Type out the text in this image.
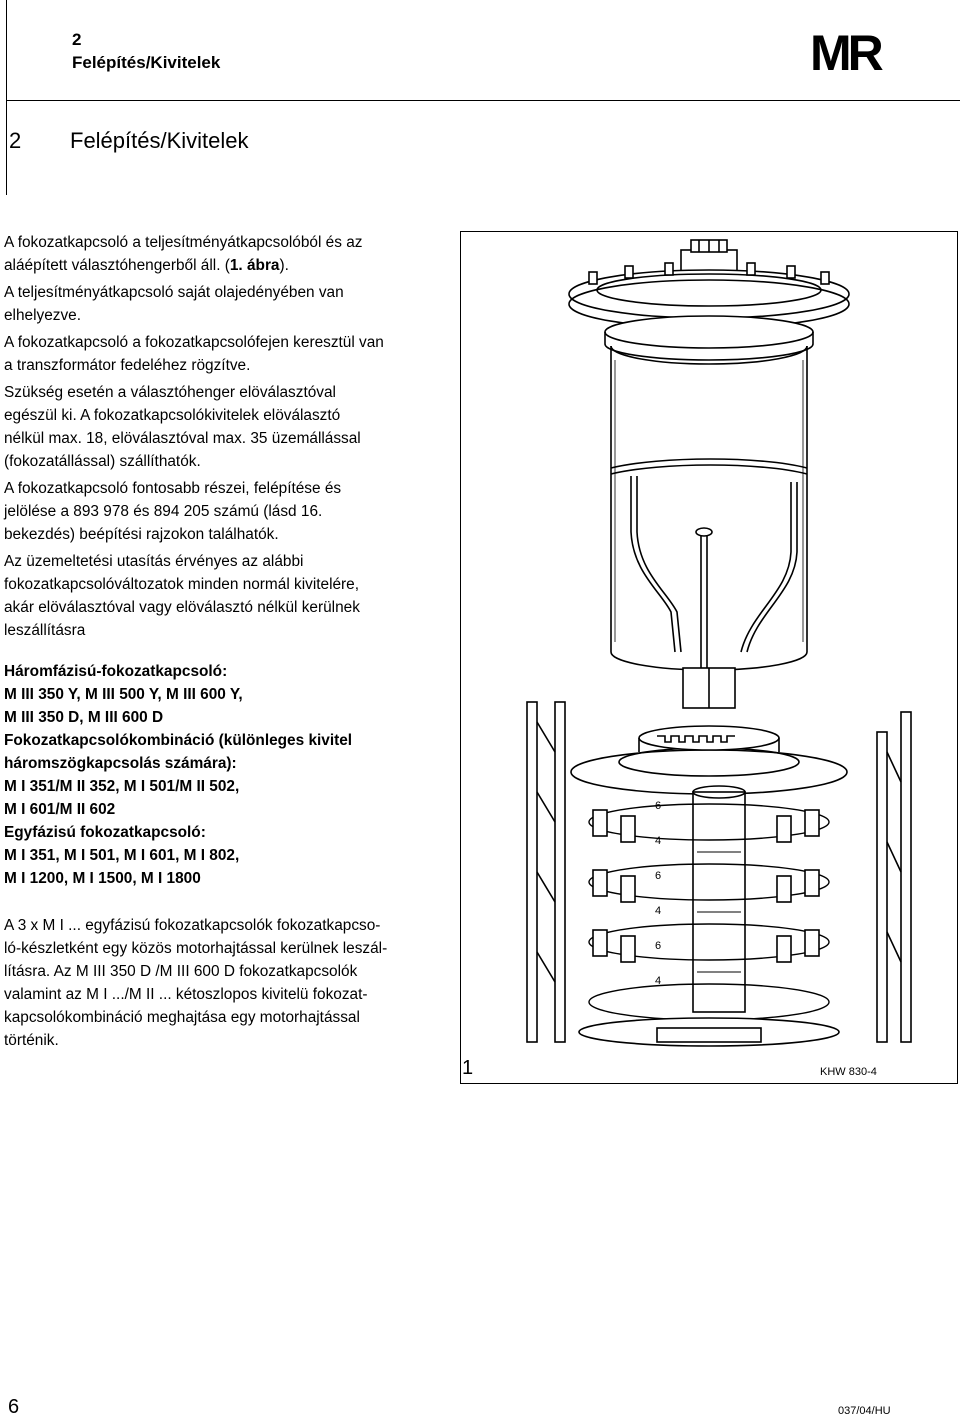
2
Felépítés/Kivitelek	MR
2 Felépítés/Kivitelek

A fokozatkapcsoló a teljesítményátkapcsolóból és az

aláépített választóhengerből áll. (1. ábra).

A teljesítményátkapcsoló saját olajedényében van

elhelyezve.

A fokozatkapcsoló a fokozatkapcsolófejen keresztül van

a transzformátor fedeléhez rögzítve.

Szükség esetén a választóhenger elöválasztóval

egészül ki. A fokozatkapcsolókivitelek elöválasztó

nélkül max. 18, elöválasztóval max. 35 üzemállással

(fokozatállással) szállíthatók.

A fokozatkapcsoló fontosabb részei, felépítése és

jelölése a 893 978 és 894 205 számú (lásd 16.

bekezdés) beépítési rajzokon találhatók.

Az üzemeltetési utasítás érvényes az alábbi

fokozatkapcsolóváltozatok minden normál kivitelére,

akár elöválasztóval vagy elöválasztó nélkül kerülnek

leszállításra

Háromfázisú-fokozatkapcsoló:

M III 350 Y, M III 500 Y, M III 600 Y,

M III 350 D, M III 600 D

Fokozatkapcsolókombináció (különleges kivitel

háromszögkapcsolás számára):

M I 351/M II 352, M I 501/M II 502,

M I 601/M II 602

Egyfázisú fokozatkapcsoló:

M I 351, M I 501, M I 601, M I 802,

M I 1200, M I 1500, M I 1800

A 3 x M I ... egyfázisú fokozatkapcsolók fokozatkapcso-

ló-készletként egy közös motorhajtással kerülnek leszál-

lításra. Az M III 350 D /M III 600 D fokozatkapcsolók

valamint az M I .../M II ... kétoszlopos kivitelü fokozat-

kapcsolókombináció meghajtása egy motorhajtással

történik.

6
4
6
4
6
4
1	KHW 830-4
6	037/04/HU
